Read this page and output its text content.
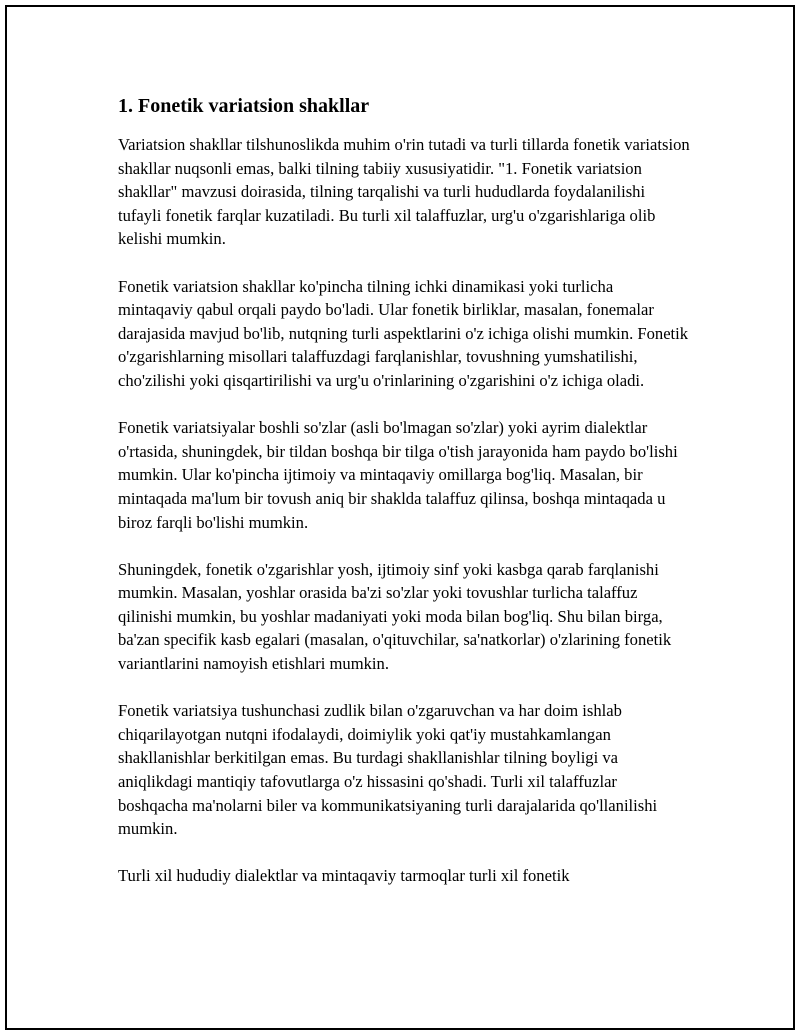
1. Fonetik variatsion shakllar

Variatsion shakllar tilshunoslikda muhim o'rin tutadi va turli tillarda fonetik variatsion shakllar nuqsonli emas, balki tilning tabiiy xususiyatidir. "1. Fonetik variatsion shakllar" mavzusi doirasida, tilning tarqalishi va turli hududlarda foydalanilishi tufayli fonetik farqlar kuzatiladi. Bu turli xil talaffuzlar, urg'u o'zgarishlariga olib kelishi mumkin.

Fonetik variatsion shakllar ko'pincha tilning ichki dinamikasi yoki turlicha mintaqaviy qabul orqali paydo bo'ladi. Ular fonetik birliklar, masalan, fonemalar darajasida mavjud bo'lib, nutqning turli aspektlarini o'z ichiga olishi mumkin. Fonetik o'zgarishlarning misollari talaffuzdagi farqlanishlar, tovushning yumshatilishi, cho'zilishi yoki qisqartirilishi va urg'u o'rinlarining o'zgarishini o'z ichiga oladi.

Fonetik variatsiyalar boshli so'zlar (asli bo'lmagan so'zlar) yoki ayrim dialektlar o'rtasida, shuningdek, bir tildan boshqa bir tilga o'tish jarayonida ham paydo bo'lishi mumkin. Ular ko'pincha ijtimoiy va mintaqaviy omillarga bog'liq. Masalan, bir mintaqada ma'lum bir tovush aniq bir shaklda talaffuz qilinsa, boshqa mintaqada u biroz farqli bo'lishi mumkin.

Shuningdek, fonetik o'zgarishlar yosh, ijtimoiy sinf yoki kasbga qarab farqlanishi mumkin. Masalan, yoshlar orasida ba'zi so'zlar yoki tovushlar turlicha talaffuz qilinishi mumkin, bu yoshlar madaniyati yoki moda bilan bog'liq. Shu bilan birga, ba'zan specifik kasb egalari (masalan, o'qituvchilar, sa'natkorlar) o'zlarining fonetik variantlarini namoyish etishlari mumkin.

Fonetik variatsiya tushunchasi zudlik bilan o'zgaruvchan va har doim ishlab chiqarilayotgan nutqni ifodalaydi, doimiylik yoki qat'iy mustahkamlangan shakllanishlar berkitilgan emas. Bu turdagi shakllanishlar tilning boyligi va aniqlikdagi mantiqiy tafovutlarga o'z hissasini qo'shadi. Turli xil talaffuzlar boshqacha ma'nolarni biler va kommunikatsiyaning turli darajalarida qo'llanilishi mumkin.

Turli xil hududiy dialektlar va mintaqaviy tarmoqlar turli xil fonetik
